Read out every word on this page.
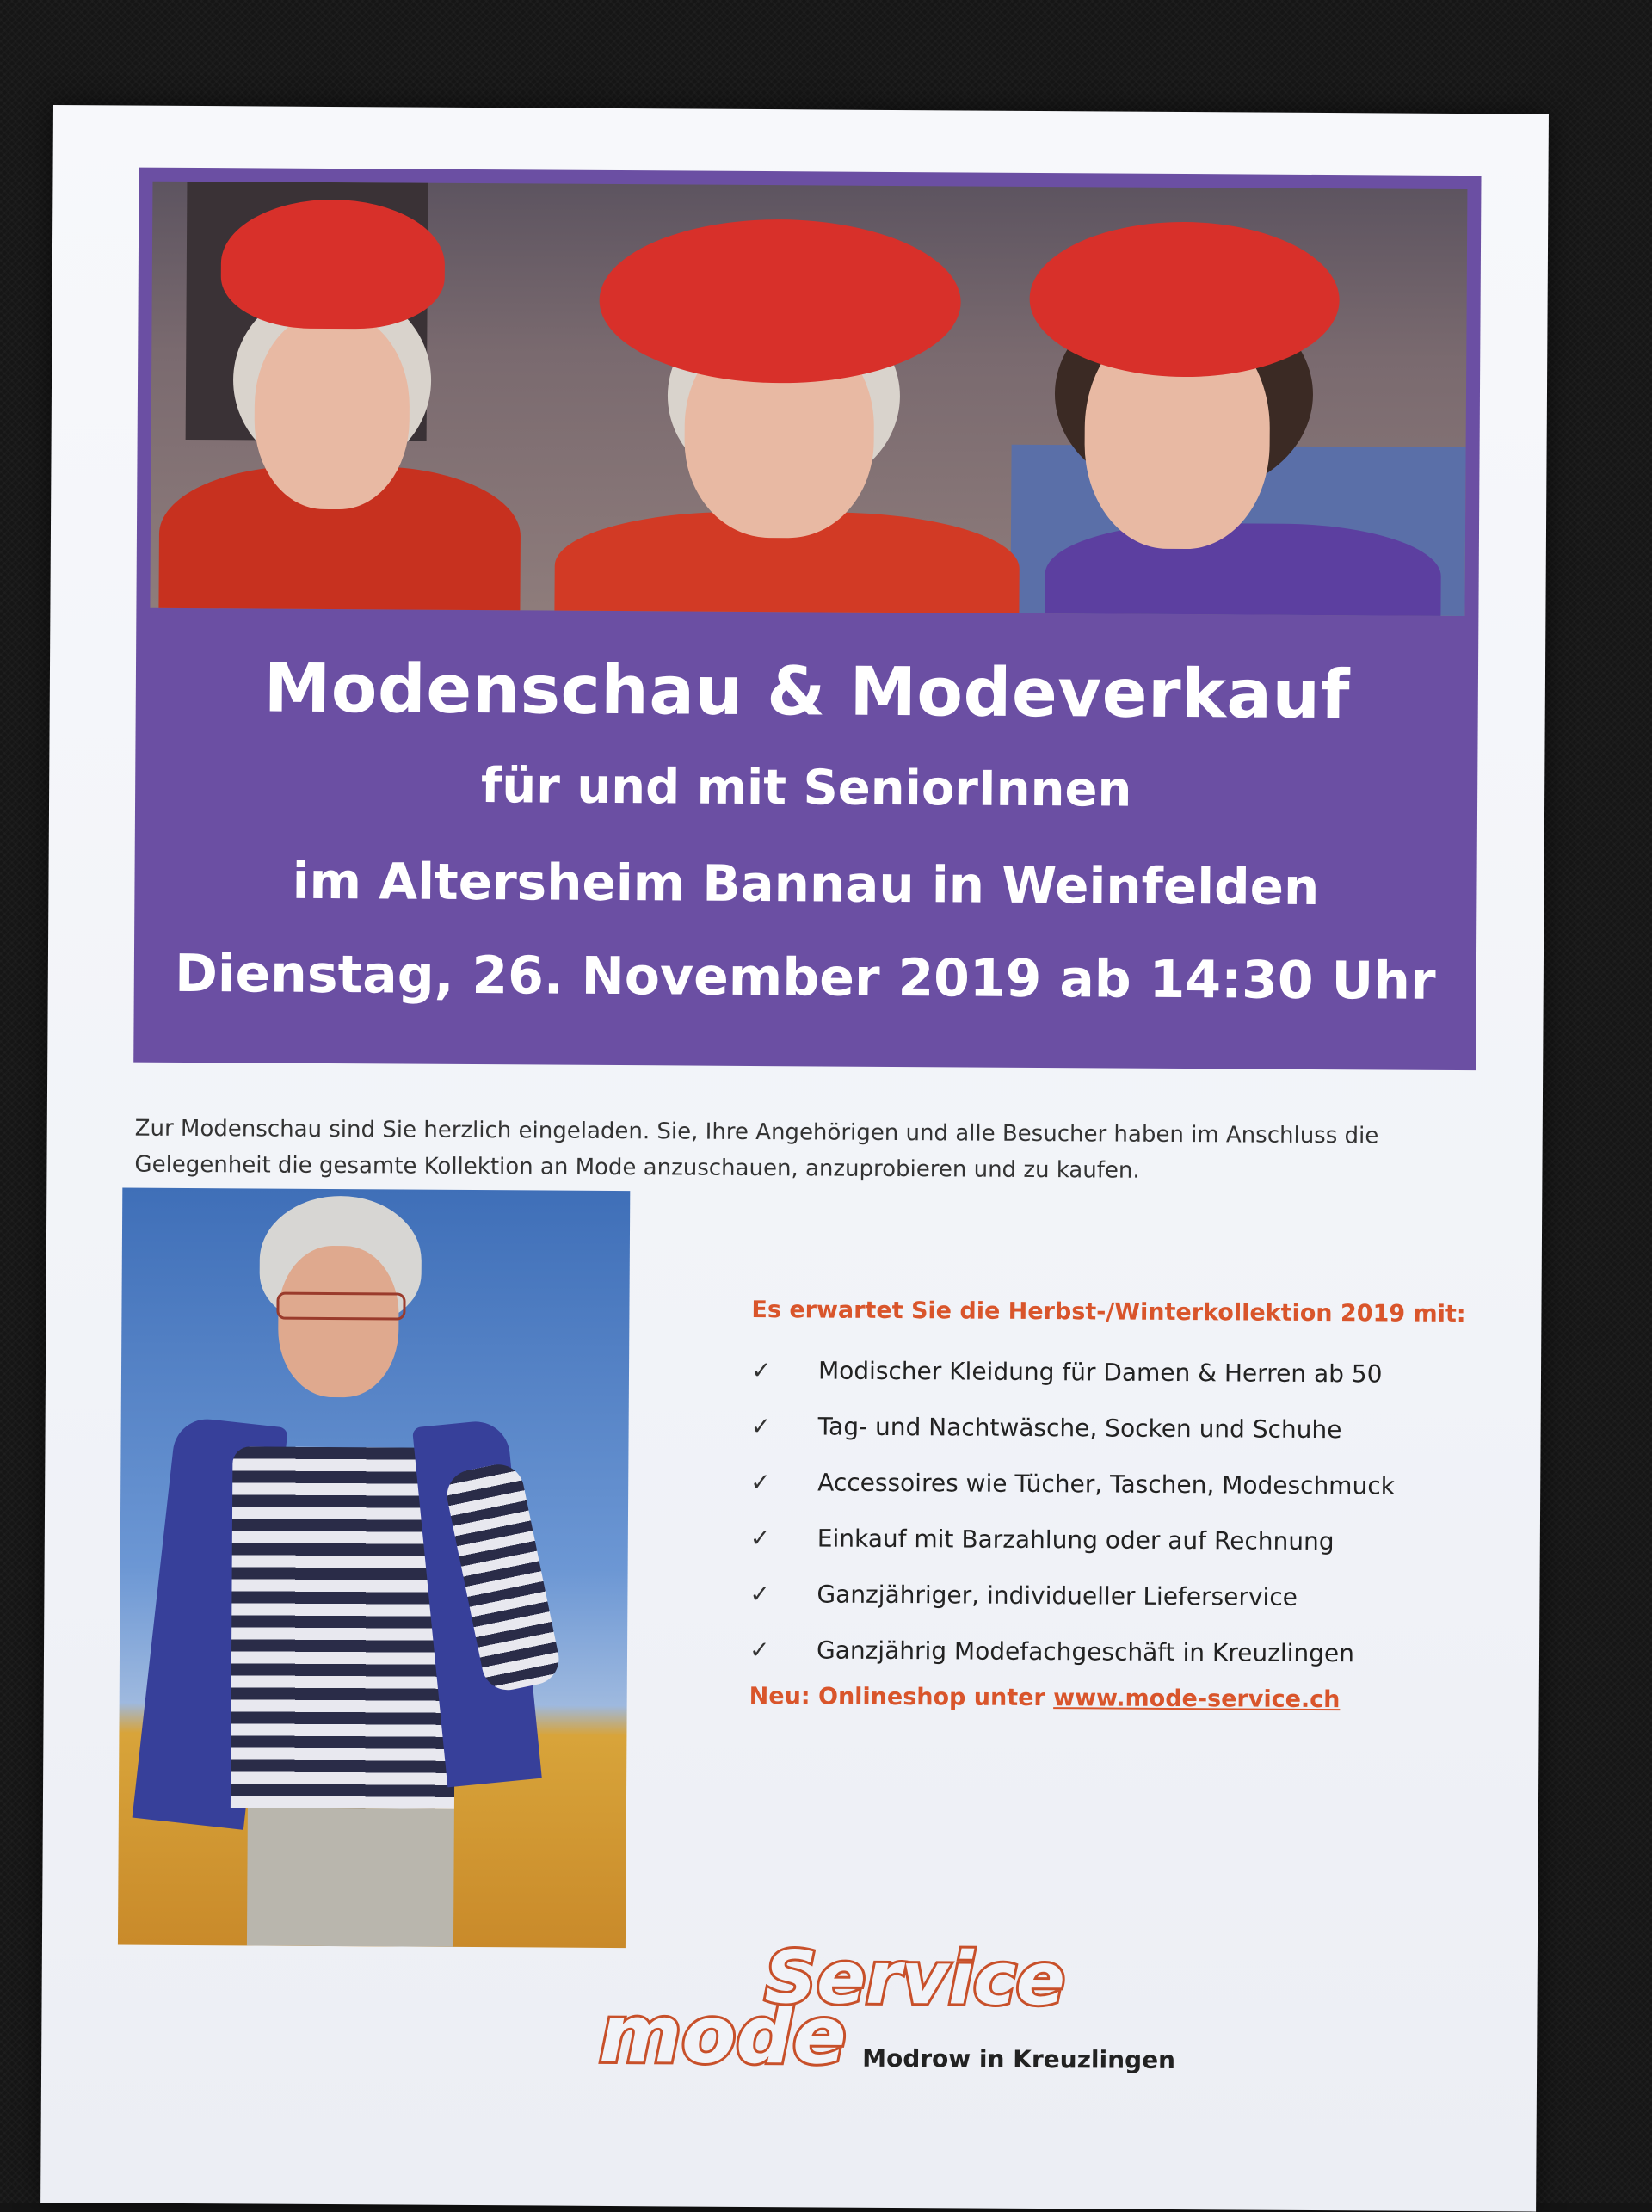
Modenschau & Modeverkauf
für und mit SeniorInnen
im Altersheim Bannau in Weinfelden
Dienstag, 26. November 2019 ab 14:30 Uhr

Zur Modenschau sind Sie herzlich eingeladen. Sie, Ihre Angehörigen und alle Besucher haben im Anschluss die

Gelegenheit die gesamte Kollektion an Mode anzuschauen, anzuprobieren und zu kaufen.

Es erwartet Sie die Herbst-/Winterkollektion 2019 mit:
✓ Modischer Kleidung für Damen & Herren ab 50
✓ Tag- und Nachtwäsche, Socken und Schuhe
✓ Accessoires wie Tücher, Taschen, Modeschmuck
✓ Einkauf mit Barzahlung oder auf Rechnung
✓ Ganzjähriger, individueller Lieferservice
✓ Ganzjährig Modefachgeschäft in Kreuzlingen
Neu: Onlineshop unter www.mode-service.ch
mode
Service
Modrow in Kreuzlingen
